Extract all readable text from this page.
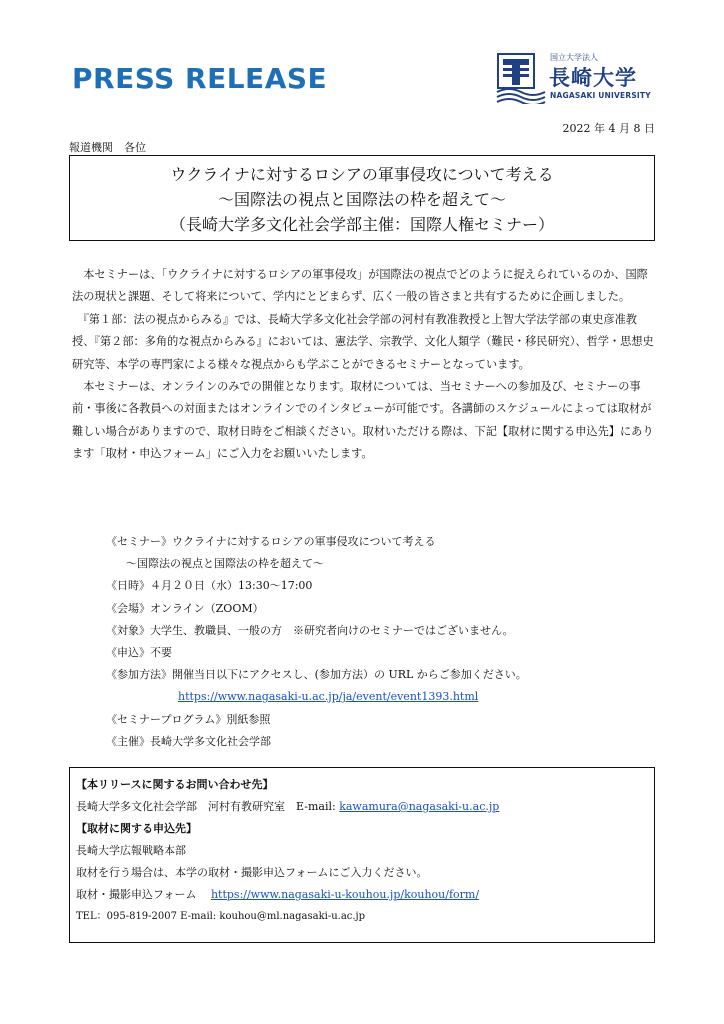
PRESS RELEASE
国立大学法人
長崎大学
NAGASAKI UNIVERSITY
2022 年 4 月 8 日
報道機関　各位
ウクライナに対するロシアの軍事侵攻について考える
〜国際法の視点と国際法の枠を超えて〜
（長崎大学多文化社会学部主催：国際人権セミナー）

本セミナーは、「ウクライナに対するロシアの軍事侵攻」が国際法の視点でどのように捉えられているのか、国際法の現状と課題、そして将来について、学内にとどまらず、広く一般の皆さまと共有するために企画しました。

『第１部：法の視点からみる』では、長崎大学多文化社会学部の河村有教准教授と上智大学法学部の東史彦准教授、『第２部：多角的な視点からみる』においては、憲法学、宗教学、文化人類学（難民・移民研究）、哲学・思想史研究等、本学の専門家による様々な視点からも学ぶことができるセミナーとなっています。

本セミナーは、オンラインのみでの開催となります。取材については、当セミナーへの参加及び、セミナーの事前・事後に各教員への対面またはオンラインでのインタビューが可能です。各講師のスケジュールによっては取材が難しい場合がありますので、取材日時をご相談ください。取材いただける際は、下記【取材に関する申込先】にあります「取材・申込フォーム」にご入力をお願いいたします。

《セミナー》ウクライナに対するロシアの軍事侵攻について考える
〜国際法の視点と国際法の枠を超えて〜
《日時》４月２０日（水）13:30〜17:00
《会場》オンライン（ZOOM）
《対象》大学生、教職員、一般の方　※研究者向けのセミナーではございません。
《申込》不要
《参加方法》開催当日以下にアクセスし、(参加方法）の URL からご参加ください。
https://www.nagasaki-u.ac.jp/ja/event/event1393.html
《セミナープログラム》別紙参照
《主催》長崎大学多文化社会学部
【本リリースに関するお問い合わせ先】
長崎大学多文化社会学部　河村有教研究室　E-mail: kawamura@nagasaki-u.ac.jp
【取材に関する申込先】
長崎大学広報戦略本部
取材を行う場合は、本学の取材・撮影申込フォームにご入力ください。
取材・撮影申込フォーム　 https://www.nagasaki-u-kouhou.jp/kouhou/form/
TEL：095-819-2007 E-mail: kouhou@ml.nagasaki-u.ac.jp
